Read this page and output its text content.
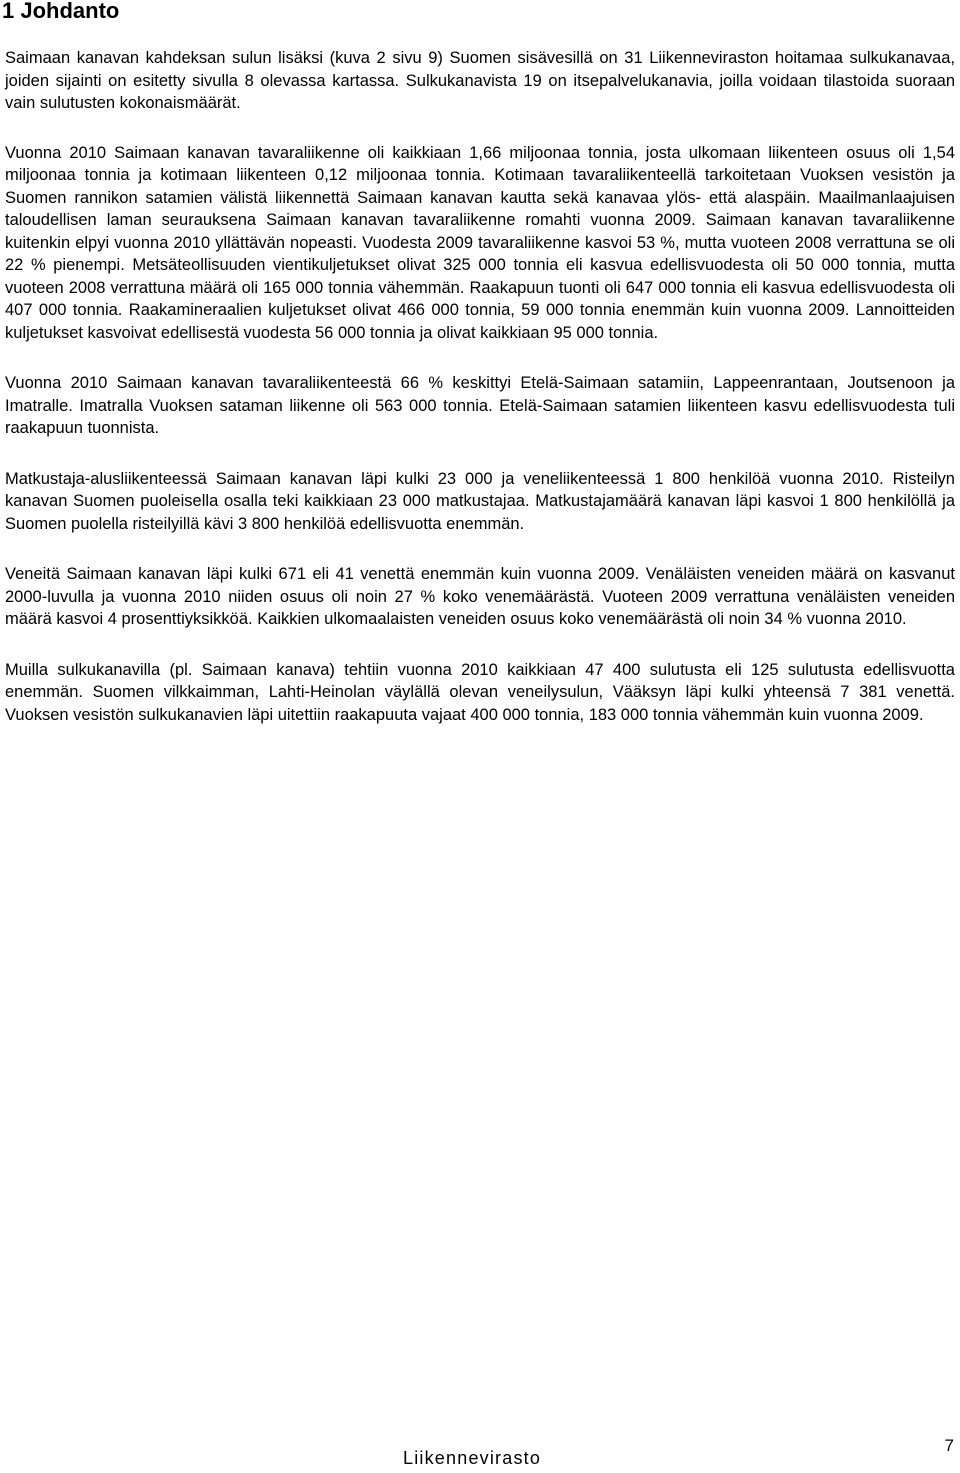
1 Johdanto

Saimaan kanavan kahdeksan sulun lisäksi (kuva 2 sivu 9) Suomen sisävesillä on 31 Liikenneviraston hoitamaa sulkukanavaa, joiden sijainti on esitetty sivulla 8 olevassa kartassa. Sulkukanavista 19 on itsepalvelukanavia, joilla voidaan tilastoida suoraan vain sulutusten kokonaismäärät.

Vuonna 2010 Saimaan kanavan tavaraliikenne oli kaikkiaan 1,66 miljoonaa tonnia, josta ulkomaan liikenteen osuus oli 1,54 miljoonaa tonnia ja kotimaan liikenteen 0,12 miljoonaa tonnia. Kotimaan tavaraliikenteellä tarkoitetaan Vuoksen vesistön ja Suomen rannikon satamien välistä liikennettä Saimaan kanavan kautta sekä kanavaa ylös- että alaspäin. Maailmanlaajuisen taloudellisen laman seurauksena Saimaan kanavan tavaraliikenne romahti vuonna 2009. Saimaan kanavan tavaraliikenne kuitenkin elpyi vuonna 2010 yllättävän nopeasti. Vuodesta 2009 tavaraliikenne kasvoi 53 %, mutta vuoteen 2008 verrattuna se oli 22 % pienempi. Metsäteollisuuden vientikuljetukset olivat 325 000 tonnia eli kasvua edellisvuodesta oli 50 000 tonnia, mutta vuoteen 2008 verrattuna määrä oli 165 000 tonnia vähemmän. Raakapuun tuonti oli 647 000 tonnia eli kasvua edellisvuodesta oli 407 000 tonnia. Raakamineraalien kuljetukset olivat 466 000 tonnia, 59 000 tonnia enemmän kuin vuonna 2009. Lannoitteiden kuljetukset kasvoivat edellisestä vuodesta 56 000 tonnia ja olivat kaikkiaan 95 000 tonnia.

Vuonna 2010 Saimaan kanavan tavaraliikenteestä 66 % keskittyi Etelä-Saimaan satamiin, Lappeenrantaan, Joutsenoon ja Imatralle. Imatralla Vuoksen sataman liikenne oli 563 000 tonnia. Etelä-Saimaan satamien liikenteen kasvu edellisvuodesta tuli raakapuun tuonnista.

Matkustaja-alusliikenteessä Saimaan kanavan läpi kulki 23 000 ja veneliikenteessä 1 800 henkilöä vuonna 2010. Risteilyn kanavan Suomen puoleisella osalla teki kaikkiaan 23 000 matkustajaa. Matkustajamäärä kanavan läpi kasvoi 1 800 henkilöllä ja Suomen puolella risteilyillä kävi 3 800 henkilöä edellisvuotta enemmän.

Veneitä Saimaan kanavan läpi kulki 671 eli 41 venettä enemmän kuin vuonna 2009. Venäläisten veneiden määrä on kasvanut 2000-luvulla ja vuonna 2010 niiden osuus oli noin 27 % koko venemäärästä. Vuoteen 2009 verrattuna venäläisten veneiden määrä kasvoi 4 prosenttiyksikköä. Kaikkien ulkomaalaisten veneiden osuus koko venemäärästä oli noin 34 % vuonna 2010.

Muilla sulkukanavilla (pl. Saimaan kanava) tehtiin vuonna 2010 kaikkiaan 47 400 sulutusta eli 125 sulutusta edellisvuotta enemmän. Suomen vilkkaimman, Lahti-Heinolan väylällä olevan veneilysulun, Vääksyn läpi kulki yhteensä 7 381 venettä. Vuoksen vesistön sulkukanavien läpi uitettiin raakapuuta vajaat 400 000 tonnia, 183 000 tonnia vähemmän kuin vuonna 2009.

Liikennevirasto
7
